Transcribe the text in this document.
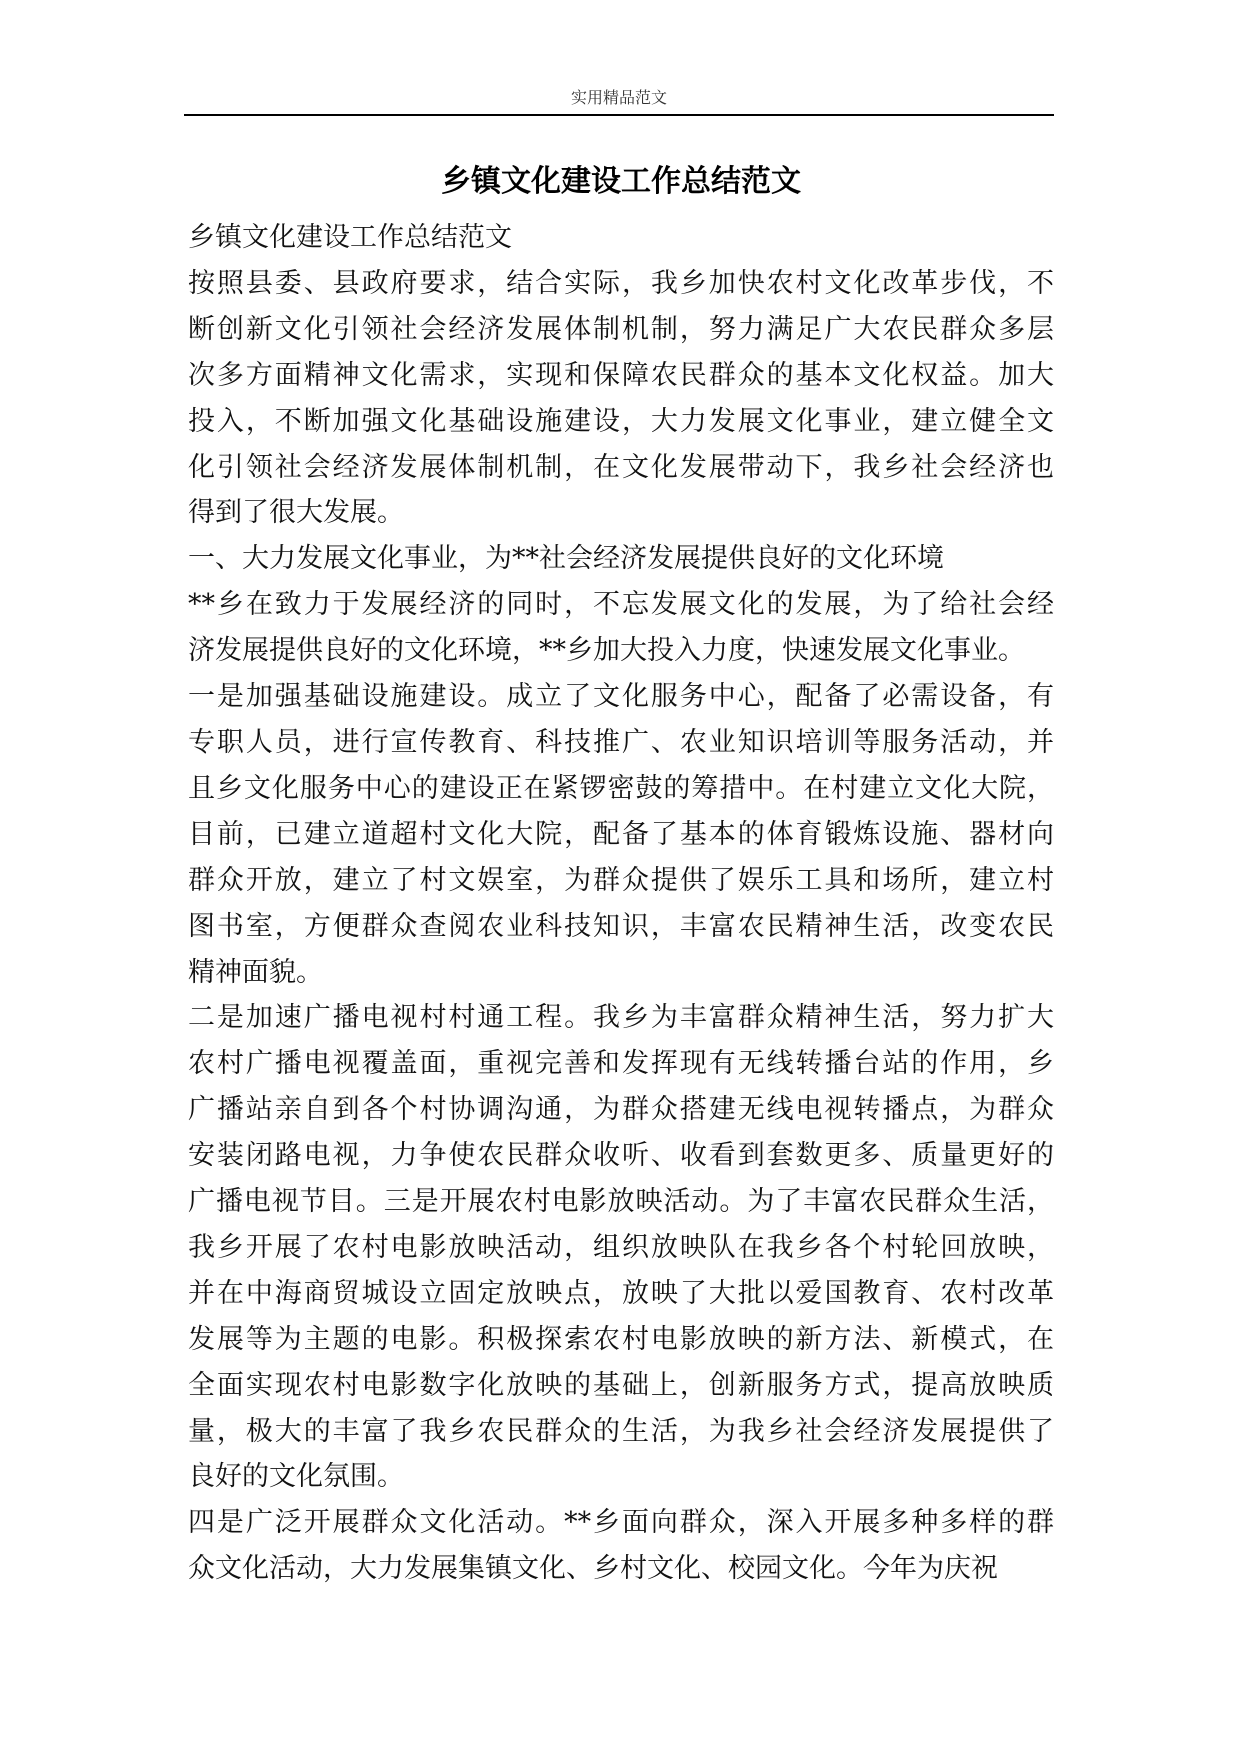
实用精品范文
乡镇文化建设工作总结范文
乡镇文化建设工作总结范文
按照县委、县政府要求，结合实际，我乡加快农村文化改革步伐，不
断创新文化引领社会经济发展体制机制，努力满足广大农民群众多层
次多方面精神文化需求，实现和保障农民群众的基本文化权益。加大
投入，不断加强文化基础设施建设，大力发展文化事业，建立健全文
化引领社会经济发展体制机制，在文化发展带动下，我乡社会经济也
得到了很大发展。
一、大力发展文化事业，为**社会经济发展提供良好的文化环境
**乡在致力于发展经济的同时，不忘发展文化的发展，为了给社会经
济发展提供良好的文化环境，**乡加大投入力度，快速发展文化事业。
一是加强基础设施建设。成立了文化服务中心，配备了必需设备，有
专职人员，进行宣传教育、科技推广、农业知识培训等服务活动，并
且乡文化服务中心的建设正在紧锣密鼓的筹措中。在村建立文化大院，
目前，已建立道超村文化大院，配备了基本的体育锻炼设施、器材向
群众开放，建立了村文娱室，为群众提供了娱乐工具和场所，建立村
图书室，方便群众查阅农业科技知识，丰富农民精神生活，改变农民
精神面貌。
二是加速广播电视村村通工程。我乡为丰富群众精神生活，努力扩大
农村广播电视覆盖面，重视完善和发挥现有无线转播台站的作用，乡
广播站亲自到各个村协调沟通，为群众搭建无线电视转播点，为群众
安装闭路电视，力争使农民群众收听、收看到套数更多、质量更好的
广播电视节目。三是开展农村电影放映活动。为了丰富农民群众生活，
我乡开展了农村电影放映活动，组织放映队在我乡各个村轮回放映，
并在中海商贸城设立固定放映点，放映了大批以爱国教育、农村改革
发展等为主题的电影。积极探索农村电影放映的新方法、新模式，在
全面实现农村电影数字化放映的基础上，创新服务方式，提高放映质
量，极大的丰富了我乡农民群众的生活，为我乡社会经济发展提供了
良好的文化氛围。
四是广泛开展群众文化活动。**乡面向群众，深入开展多种多样的群
众文化活动，大力发展集镇文化、乡村文化、校园文化。今年为庆祝
